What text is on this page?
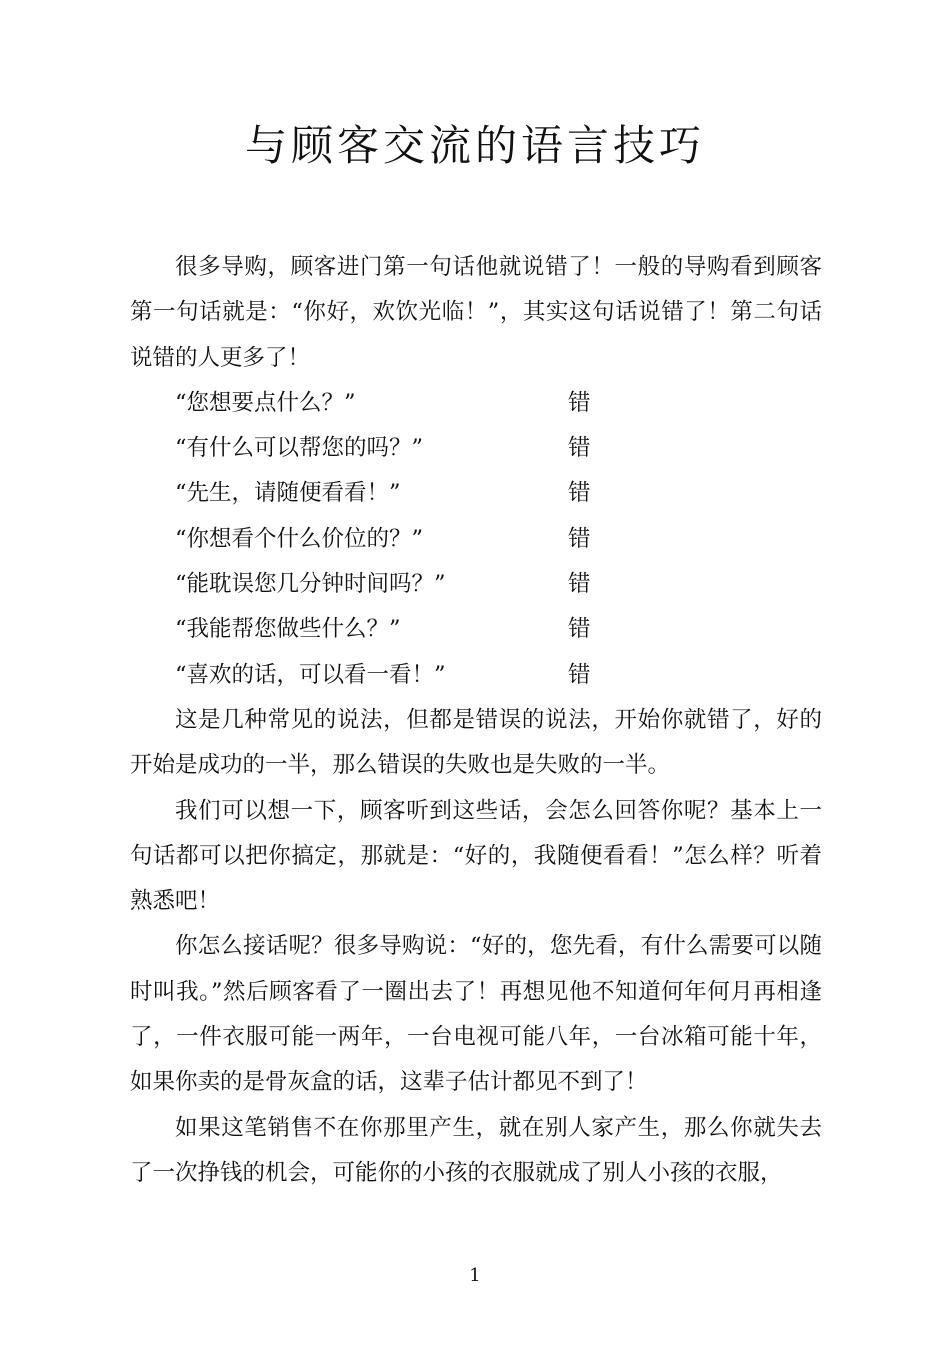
与顾客交流的语言技巧

很多导购，顾客进门第一句话他就说错了！一般的导购看到顾客第一句话就是：“你好，欢饮光临！”，其实这句话说错了！第二句话说错的人更多了！

“您想要点什么？”	错
“有什么可以帮您的吗？”	错
“先生，请随便看看！”	错
“你想看个什么价位的？”	错
“能耽误您几分钟时间吗？”	错
“我能帮您做些什么？”	错
“喜欢的话，可以看一看！”	错

这是几种常见的说法，但都是错误的说法，开始你就错了，好的开始是成功的一半，那么错误的失败也是失败的一半。

我们可以想一下，顾客听到这些话，会怎么回答你呢？基本上一句话都可以把你搞定，那就是：“好的，我随便看看！”怎么样？听着熟悉吧！

你怎么接话呢？很多导购说：“好的，您先看，有什么需要可以随时叫我。”然后顾客看了一圈出去了！再想见他不知道何年何月再相逢了，一件衣服可能一两年，一台电视可能八年，一台冰箱可能十年，如果你卖的是骨灰盒的话，这辈子估计都见不到了！

如果这笔销售不在你那里产生，就在别人家产生，那么你就失去了一次挣钱的机会，可能你的小孩的衣服就成了别人小孩的衣服，

1
